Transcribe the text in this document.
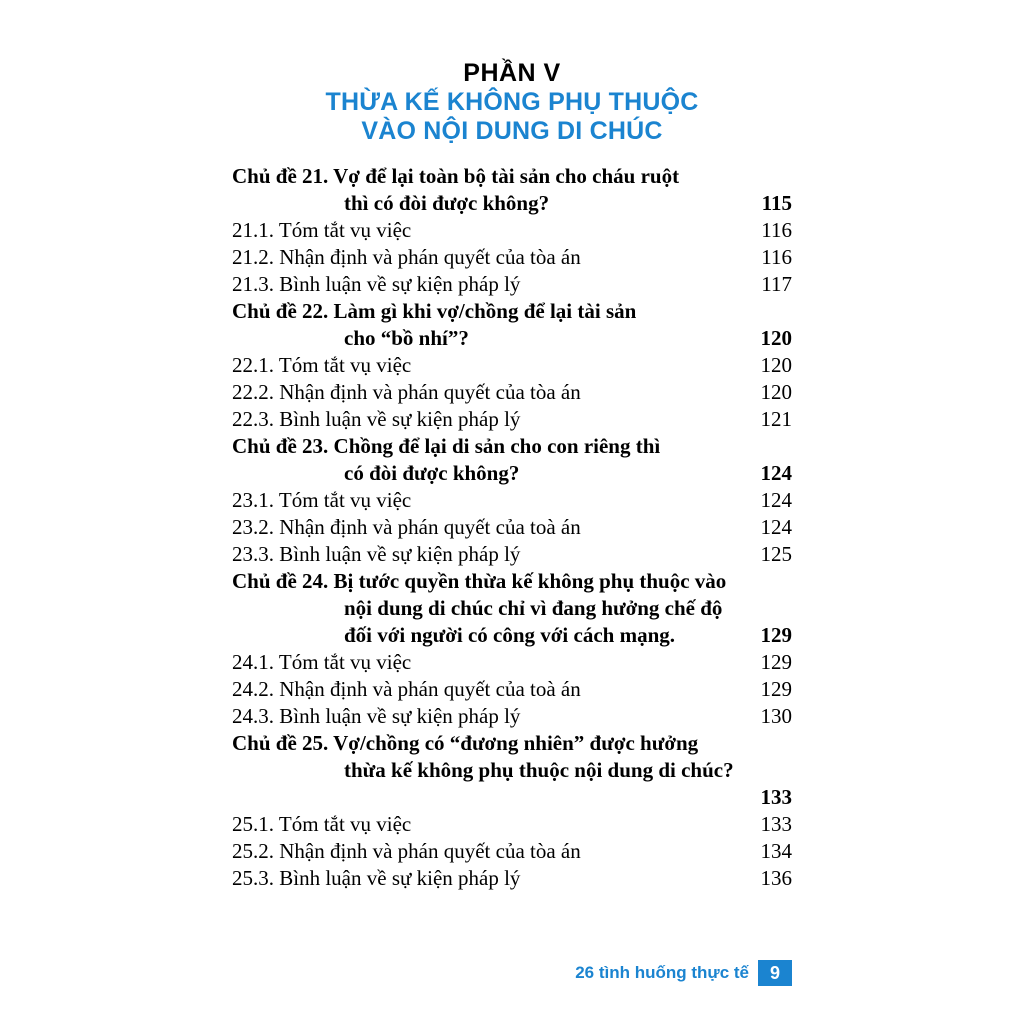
PHẦN V
THỪA KẾ KHÔNG PHỤ THUỘC
VÀO NỘI DUNG DI CHÚC
Chủ đề 21. Vợ để lại toàn bộ tài sản cho cháu ruột
thì có đòi được không?	115
21.1. Tóm tắt vụ việc	116
21.2. Nhận định và phán quyết của tòa án	116
21.3. Bình luận về sự kiện pháp lý	117
Chủ đề 22. Làm gì khi vợ/chồng để lại tài sản
cho “bồ nhí”?	120
22.1. Tóm tắt vụ việc	120
22.2. Nhận định và phán quyết của tòa án	120
22.3. Bình luận về sự kiện pháp lý	121
Chủ đề 23. Chồng để lại di sản cho con riêng thì
có đòi được không?	124
23.1. Tóm tắt vụ việc	124
23.2. Nhận định và phán quyết của toà án	124
23.3. Bình luận về sự kiện pháp lý	125
Chủ đề 24. Bị tước quyền thừa kế không phụ thuộc vào
nội dung di chúc chỉ vì đang hưởng chế độ
đối với người có công với cách mạng.	129
24.1. Tóm tắt vụ việc	129
24.2. Nhận định và phán quyết của toà án	129
24.3. Bình luận về sự kiện pháp lý	130
Chủ đề 25. Vợ/chồng có “đương nhiên” được hưởng
thừa kế không phụ thuộc nội dung di chúc?
133
25.1. Tóm tắt vụ việc	133
25.2. Nhận định và phán quyết của tòa án	134
25.3. Bình luận về sự kiện pháp lý	136
26 tình huống thực tế	9
